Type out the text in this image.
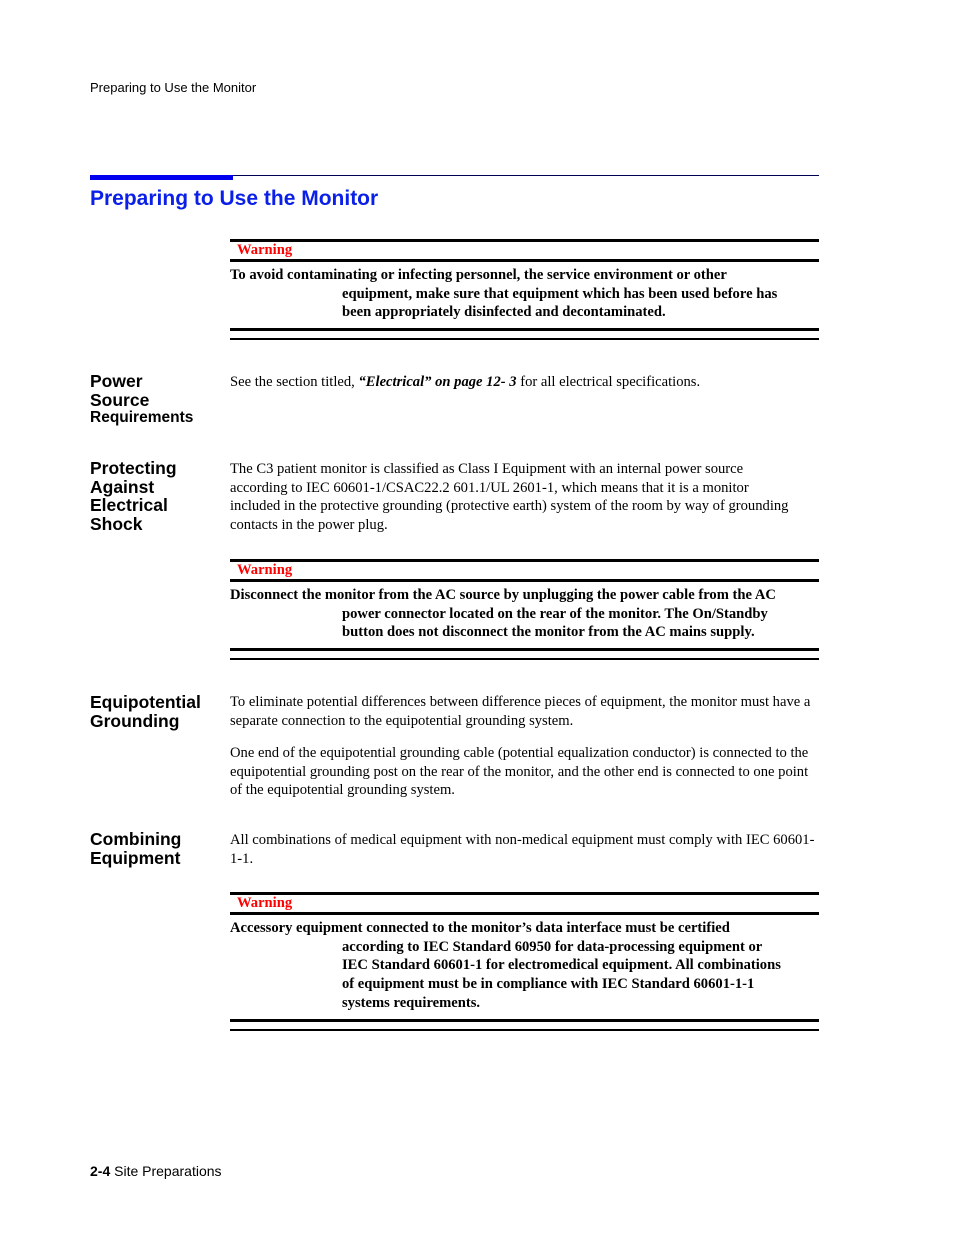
Preparing to Use the Monitor
Preparing to Use the Monitor
Warning
To avoid contaminating or infecting personnel, the service environment or other
equipment, make sure that equipment which has been used before has
been appropriately disinfected and decontaminated.
Power
Source
Requirements
See the section titled, “Electrical” on page 12- 3 for all electrical specifications.
Protecting
Against
Electrical
Shock
The C3 patient monitor is classified as Class I Equipment with an internal power source according to IEC 60601-1/CSAC22.2 601.1/UL 2601-1, which means that it is a monitor included in the protective grounding (protective earth) system of the room by way of grounding contacts in the power plug.
Warning
Disconnect the monitor from the AC source by unplugging the power cable from the AC
power connector located on the rear of the monitor. The On/Standby
button does not disconnect the monitor from the AC mains supply.
Equipotential
Grounding

To eliminate potential differences between difference pieces of equipment, the monitor must have a separate connection to the equipotential grounding system.

One end of the equipotential grounding cable (potential equalization conductor) is connected to the equipotential grounding post on the rear of the monitor, and the other end is connected to one point of the equipotential grounding system.

Combining
Equipment
All combinations of medical equipment with non-medical equipment must comply with IEC 60601-1-1.
Warning
Accessory equipment connected to the monitor’s data interface must be certified
according to IEC Standard 60950 for data-processing equipment or
IEC Standard 60601-1 for electromedical equipment. All combinations
of equipment must be in compliance with IEC Standard 60601-1-1
systems requirements.
2-4 Site Preparations
